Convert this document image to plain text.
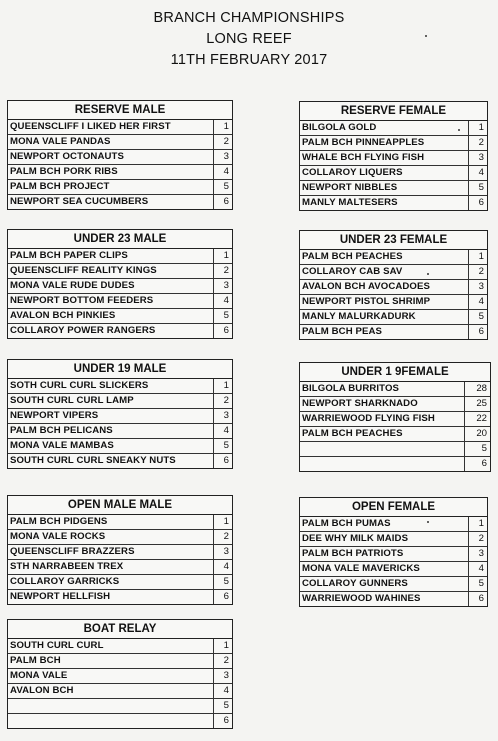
BRANCH CHAMPIONSHIPS
LONG REEF
11TH FEBRUARY 2017
RESERVE MALE
QUEENSCLIFF I LIKED HER FIRST	1
MONA VALE PANDAS	2
NEWPORT OCTONAUTS	3
PALM BCH PORK RIBS	4
PALM BCH PROJECT	5
NEWPORT SEA CUCUMBERS	6
RESERVE FEMALE
BILGOLA GOLD	1
PALM BCH PINNEAPPLES	2
WHALE BCH FLYING FISH	3
COLLAROY LIQUERS	4
NEWPORT NIBBLES	5
MANLY MALTESERS	6
UNDER 23 MALE
PALM BCH PAPER CLIPS	1
QUEENSCLIFF REALITY KINGS	2
MONA VALE RUDE DUDES	3
NEWPORT BOTTOM FEEDERS	4
AVALON BCH PINKIES	5
COLLAROY POWER RANGERS	6
UNDER 23 FEMALE
PALM BCH PEACHES	1
COLLAROY CAB SAV	2
AVALON BCH AVOCADOES	3
NEWPORT PISTOL SHRIMP	4
MANLY MALURKADURK	5
PALM BCH PEAS	6
UNDER 19 MALE
SOTH CURL CURL SLICKERS	1
SOUTH CURL CURL LAMP	2
NEWPORT VIPERS	3
PALM BCH PELICANS	4
MONA VALE MAMBAS	5
SOUTH CURL CURL SNEAKY NUTS	6
UNDER 1 9FEMALE
BILGOLA BURRITOS	28
NEWPORT SHARKNADO	25
WARRIEWOOD FLYING FISH	22
PALM BCH PEACHES	20
5
6
OPEN MALE MALE
PALM BCH PIDGENS	1
MONA VALE ROCKS	2
QUEENSCLIFF BRAZZERS	3
STH NARRABEEN TREX	4
COLLAROY GARRICKS	5
NEWPORT HELLFISH	6
OPEN FEMALE
PALM BCH PUMAS	1
DEE WHY MILK MAIDS	2
PALM BCH PATRIOTS	3
MONA VALE MAVERICKS	4
COLLAROY GUNNERS	5
WARRIEWOOD WAHINES	6
BOAT RELAY
SOUTH CURL CURL	1
PALM BCH	2
MONA VALE	3
AVALON BCH	4
5
6
